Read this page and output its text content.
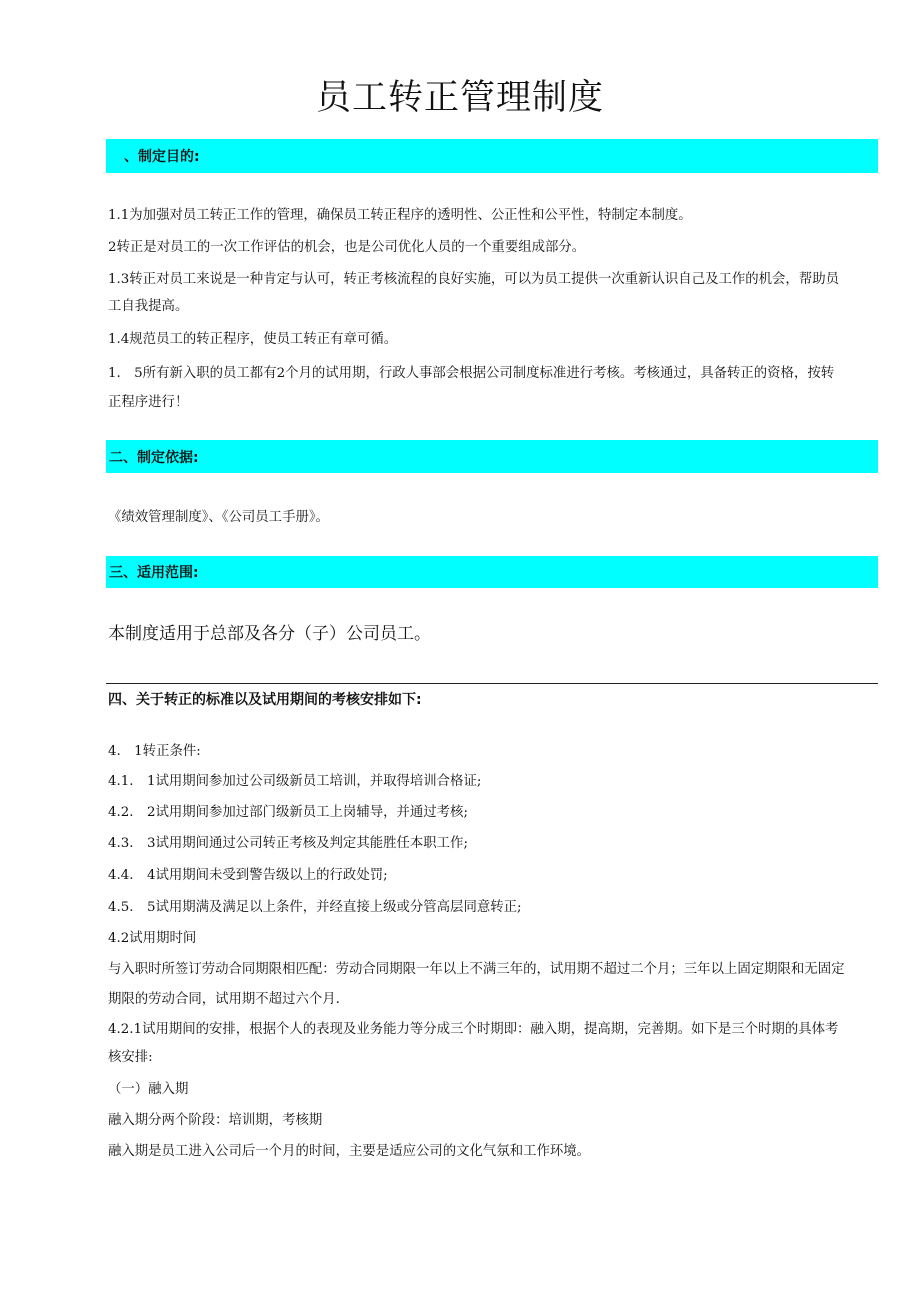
员工转正管理制度
、制定目的:
1.1为加强对员工转正工作的管理，确保员工转正程序的透明性、公正性和公平性，特制定本制度。
2转正是对员工的一次工作评估的机会，也是公司优化人员的一个重要组成部分。
1.3转正对员工来说是一种肯定与认可，转正考核流程的良好实施，可以为员工提供一次重新认识自己及工作的机会，帮助员
工自我提高。
1.4规范员工的转正程序，使员工转正有章可循。
1.　5所有新入职的员工都有2个月的试用期，行政人事部会根据公司制度标准进行考核。考核通过，具备转正的资格，按转
正程序进行！
二、制定依据:
《绩效管理制度》、《公司员工手册》。
三、适用范围:
本制度适用于总部及各分（子）公司员工。
四、关于转正的标准以及试用期间的考核安排如下:
4.　1转正条件:
4.1.　1试用期间参加过公司级新员工培训，并取得培训合格证;
4.2.　2试用期间参加过部门级新员工上岗辅导，并通过考核;
4.3.　3试用期间通过公司转正考核及判定其能胜任本职工作;
4.4.　4试用期间未受到警告级以上的行政处罚;
4.5.　5试用期满及满足以上条件，并经直接上级或分管高层同意转正;
4.2试用期时间
与入职时所签订劳动合同期限相匹配：劳动合同期限一年以上不满三年的，试用期不超过二个月；三年以上固定期限和无固定
期限的劳动合同，试用期不超过六个月.
4.2.1试用期间的安排，根据个人的表现及业务能力等分成三个时期即：融入期，提高期，完善期。如下是三个时期的具体考
核安排:
（一）融入期
融入期分两个阶段：培训期，考核期
融入期是员工进入公司后一个月的时间，主要是适应公司的文化气氛和工作环境。
